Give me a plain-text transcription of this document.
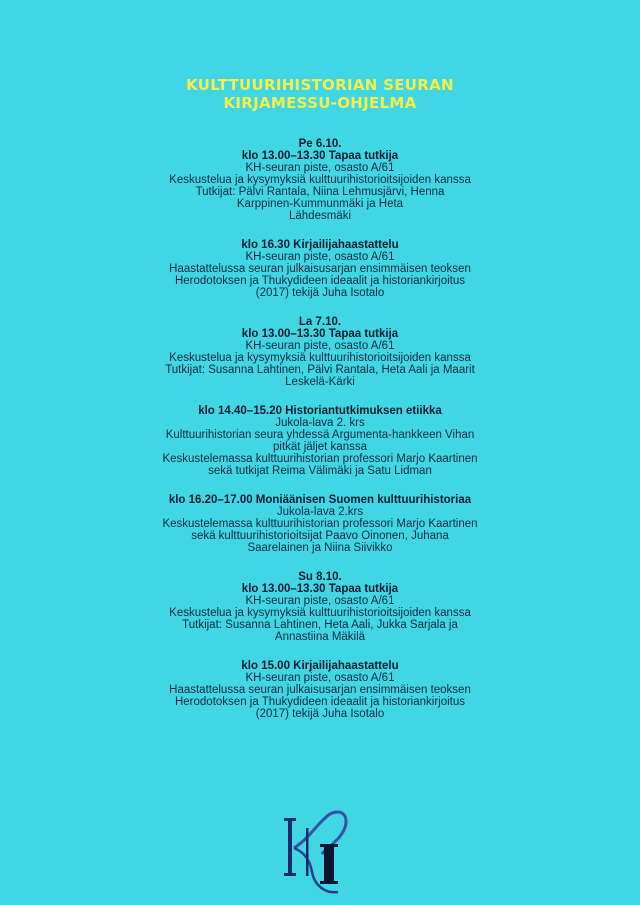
KULTTUURIHISTORIAN SEURAN
KIRJAMESSU-OHJELMA
Pe 6.10.
klo 13.00–13.30 Tapaa tutkija
KH-seuran piste, osasto A/61
Keskustelua ja kysymyksiä kulttuurihistorioitsijoiden kanssa
Tutkijat: Pälvi Rantala, Niina Lehmusjärvi, Henna
Karppinen-Kummunmäki ja Heta
Lähdesmäki
klo 16.30 Kirjailijahaastattelu
KH-seuran piste, osasto A/61
Haastattelussa seuran julkaisusarjan ensimmäisen teoksen
Herodotoksen ja Thukydideen ideaalit ja historiankirjoitus
(2017) tekijä Juha Isotalo
La 7.10.
klo 13.00–13.30 Tapaa tutkija
KH-seuran piste, osasto A/61
Keskustelua ja kysymyksiä kulttuurihistorioitsijoiden kanssa
Tutkijat: Susanna Lahtinen, Pälvi Rantala, Heta Aali ja Maarit
Leskelä-Kärki
klo 14.40–15.20 Historiantutkimuksen etiikka
Jukola-lava 2. krs
Kulttuurihistorian seura yhdessä Argumenta-hankkeen Vihan
pitkät jäljet kanssa
Keskustelemassa kulttuurihistorian professori Marjo Kaartinen
sekä tutkijat Reima Välimäki ja Satu Lidman
klo 16.20–17.00 Moniäänisen Suomen kulttuurihistoriaa
Jukola-lava 2.krs
Keskustelemassa kulttuurihistorian professori Marjo Kaartinen
sekä kulttuurihistorioitsijat Paavo Oinonen, Juhana
Saarelainen ja Niina Siivikko
Su 8.10.
klo 13.00–13.30 Tapaa tutkija
KH-seuran piste, osasto A/61
Keskustelua ja kysymyksiä kulttuurihistorioitsijoiden kanssa
Tutkijat: Susanna Lahtinen, Heta Aali, Jukka Sarjala ja
Annastiina Mäkilä
klo 15.00 Kirjailijahaastattelu
KH-seuran piste, osasto A/61
Haastattelussa seuran julkaisusarjan ensimmäisen teoksen
Herodotoksen ja Thukydideen ideaalit ja historiankirjoitus
(2017) tekijä Juha Isotalo
